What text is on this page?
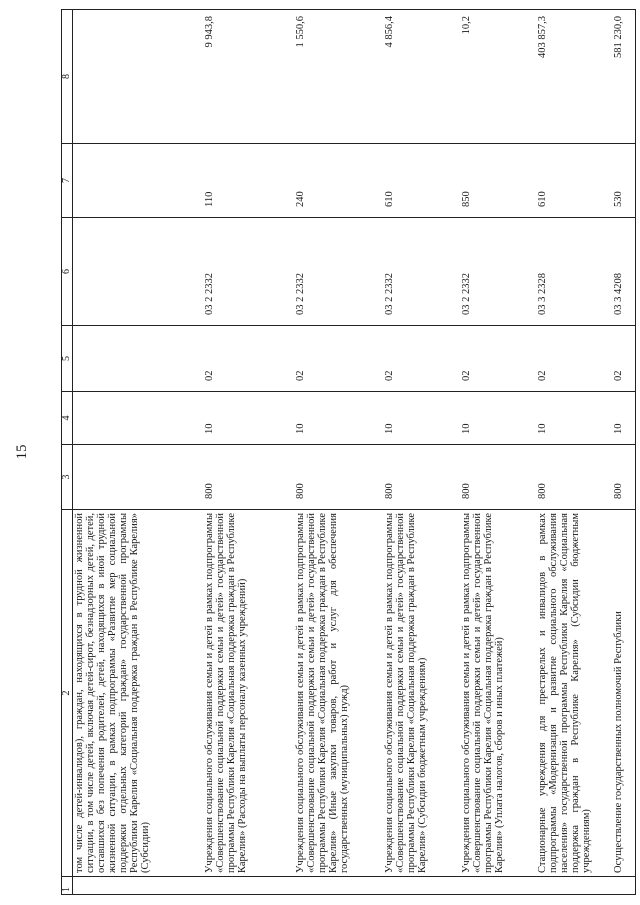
15
1	2	3	4	5	6	7	8
	том числе детей-инвалидов), граждан, находящихся в трудной жизненной ситуации, в том числе детей, включая детей-сирот, безнадзорных детей, детей, оставшихся без попечения родителей, детей, находящихся в иной трудной жизненной ситуации, в рамках подпрограммы «Развитие мер социальной поддержки отдельных категорий граждан» государственной программы Республики Карелия «Социальная поддержка граждан в Республике Карелия» (Субсидии)						
	Учреждения социального обслуживания семьи и детей в рамках подпрограммы «Совершенствование социальной поддержки семьи и детей» государственной программы Республики Карелия «Социальная поддержка граждан в Республике Карелия» (Расходы на выплаты персоналу казенных учреждений)	800	10	02	03 2 2332	110	9 943,8
	Учреждения социального обслуживания семьи и детей в рамках подпрограммы «Совершенствование социальной поддержки семьи и детей» государственной программы Республики Карелия «Социальная поддержка граждан в Республике Карелия» (Иные закупки товаров, работ и услуг для обеспечения государственных (муниципальных) нужд)	800	10	02	03 2 2332	240	1 550,6
	Учреждения социального обслуживания семьи и детей в рамках подпрограммы «Совершенствование социальной поддержки семьи и детей» государственной программы Республики Карелия «Социальная поддержка граждан в Республике Карелия» (Субсидии бюджетным учреждениям)	800	10	02	03 2 2332	610	4 856,4
	Учреждения социального обслуживания семьи и детей в рамках подпрограммы «Совершенствование социальной поддержки семьи и детей» государственной программы Республики Карелия «Социальная поддержка граждан в Республике Карелия» (Уплата налогов, сборов и иных платежей)	800	10	02	03 2 2332	850	10,2
	Стационарные учреждения для престарелых и инвалидов в рамках подпрограммы «Модернизация и развитие социального обслуживания населения» государственной программы Республики Карелия «Социальная поддержка граждан в Республике Карелия» (Субсидии бюджетным учреждениям)	800	10	02	03 3 2328	610	403 857,3
	Осуществление государственных полномочий Республики	800	10	02	03 3 4208	530	581 230,0
